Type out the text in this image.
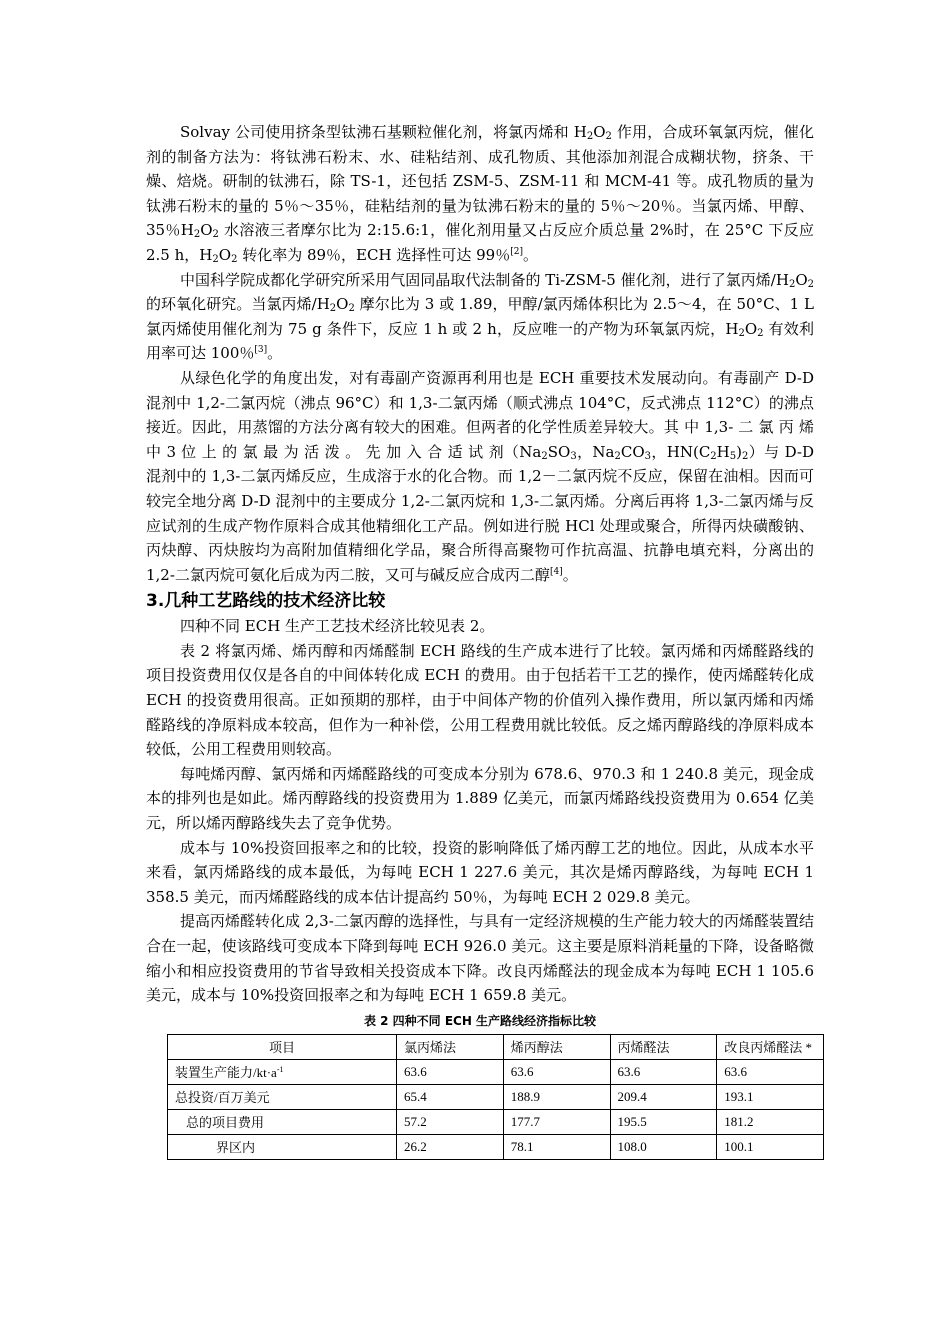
Solvay 公司使用挤条型钛沸石基颗粒催化剂，将氯丙烯和 $H_2O_2$ 作用，合成环氧氯丙烷，催化剂的制备方法为：将钛沸石粉末、水、硅粘结剂、成孔物质、其他添加剂混合成糊状物，挤条、干燥、焙烧。研制的钛沸石，除 TS-1，还包括 ZSM-5、ZSM-11 和 MCM-41 等。成孔物质的量为钛沸石粉末的量的 5％～35％，硅粘结剂的量为钛沸石粉末的量的 5％～20％。当氯丙烯、甲醇、35％$H_2O_2$ 水溶液三者摩尔比为 2:15.6:1，催化剂用量又占反应介质总量 2%时，在 25°C 下反应 2.5 h，$H_2O_2$ 转化率为 89％，ECH 选择性可达 99％[2]。

中国科学院成都化学研究所采用气固同晶取代法制备的 Ti-ZSM-5 催化剂，进行了氯丙烯$/H_2O_2$ 的环氧化研究。当氯丙烯$/H_2O_2$ 摩尔比为 3 或 1.89，甲醇/氯丙烯体积比为 2.5～4，在 50°C、1 L 氯丙烯使用催化剂为 75 g 条件下，反应 1 h 或 2 h，反应唯一的产物为环氧氯丙烷，$H_2O_2$ 有效利用率可达 100％[3]。

从绿色化学的角度出发，对有毒副产资源再利用也是 ECH 重要技术发展动向。有毒副产 D-D 混剂中 1,2-二氯丙烷（沸点 96°C）和 1,3-二氯丙烯（顺式沸点 104°C，反式沸点 112°C）的沸点接近。因此，用蒸馏的方法分离有较大的困难。但两者的化学性质差异较大。其 中 1,3- 二 氯 丙 烯 中 3 位 上 的 氯 最 为 活 泼 。 先 加 入 合 适 试 剂（$Na_2SO_3$，$Na_2CO_3$，$HN(C_2H_5)_2$）与 D-D 混剂中的 1,3-二氯丙烯反应，生成溶于水的化合物。而 1,2－二氯丙烷不反应，保留在油相。因而可较完全地分离 D-D 混剂中的主要成分 1,2-二氯丙烷和 1,3-二氯丙烯。分离后再将 1,3-二氯丙烯与反应试剂的生成产物作原料合成其他精细化工产品。例如进行脱 HCl 处理或聚合，所得丙炔磺酸钠、丙炔醇、丙炔胺均为高附加值精细化学品，聚合所得高聚物可作抗高温、抗静电填充料，分离出的 1,2-二氯丙烷可氨化后成为丙二胺，又可与碱反应合成丙二醇[4]。

3.几种工艺路线的技术经济比较

四种不同 ECH 生产工艺技术经济比较见表 2。

表 2 将氯丙烯、烯丙醇和丙烯醛制 ECH 路线的生产成本进行了比较。氯丙烯和丙烯醛路线的项目投资费用仅仅是各自的中间体转化成 ECH 的费用。由于包括若干工艺的操作，使丙烯醛转化成 ECH 的投资费用很高。正如预期的那样，由于中间体产物的价值列入操作费用，所以氯丙烯和丙烯醛路线的净原料成本较高，但作为一种补偿，公用工程费用就比较低。反之烯丙醇路线的净原料成本较低，公用工程费用则较高。

每吨烯丙醇、氯丙烯和丙烯醛路线的可变成本分别为 678.6、970.3 和 1 240.8 美元，现金成本的排列也是如此。烯丙醇路线的投资费用为 1.889 亿美元，而氯丙烯路线投资费用为 0.654 亿美元，所以烯丙醇路线失去了竞争优势。

成本与 10%投资回报率之和的比较，投资的影响降低了烯丙醇工艺的地位。因此，从成本水平来看，氯丙烯路线的成本最低，为每吨 ECH 1 227.6 美元，其次是烯丙醇路线，为每吨 ECH 1 358.5 美元，而丙烯醛路线的成本估计提高约 50％，为每吨 ECH 2 029.8 美元。

提高丙烯醛转化成 2,3-二氯丙醇的选择性，与具有一定经济规模的生产能力较大的丙烯醛装置结合在一起，使该路线可变成本下降到每吨 ECH 926.0 美元。这主要是原料消耗量的下降，设备略微缩小和相应投资费用的节省导致相关投资成本下降。改良丙烯醛法的现金成本为每吨 ECH 1 105.6 美元，成本与 10%投资回报率之和为每吨 ECH 1 659.8 美元。

表 2 四种不同 ECH 生产路线经济指标比较
项目	氯丙烯法	烯丙醇法	丙烯醛法	改良丙烯醛法 *
装置生产能力$/kt\cdot a^{-1}$	63.6	63.6	63.6	63.6
总投资/百万美元	65.4	188.9	209.4	193.1
总的项目费用	57.2	177.7	195.5	181.2
界区内	26.2	78.1	108.0	100.1
